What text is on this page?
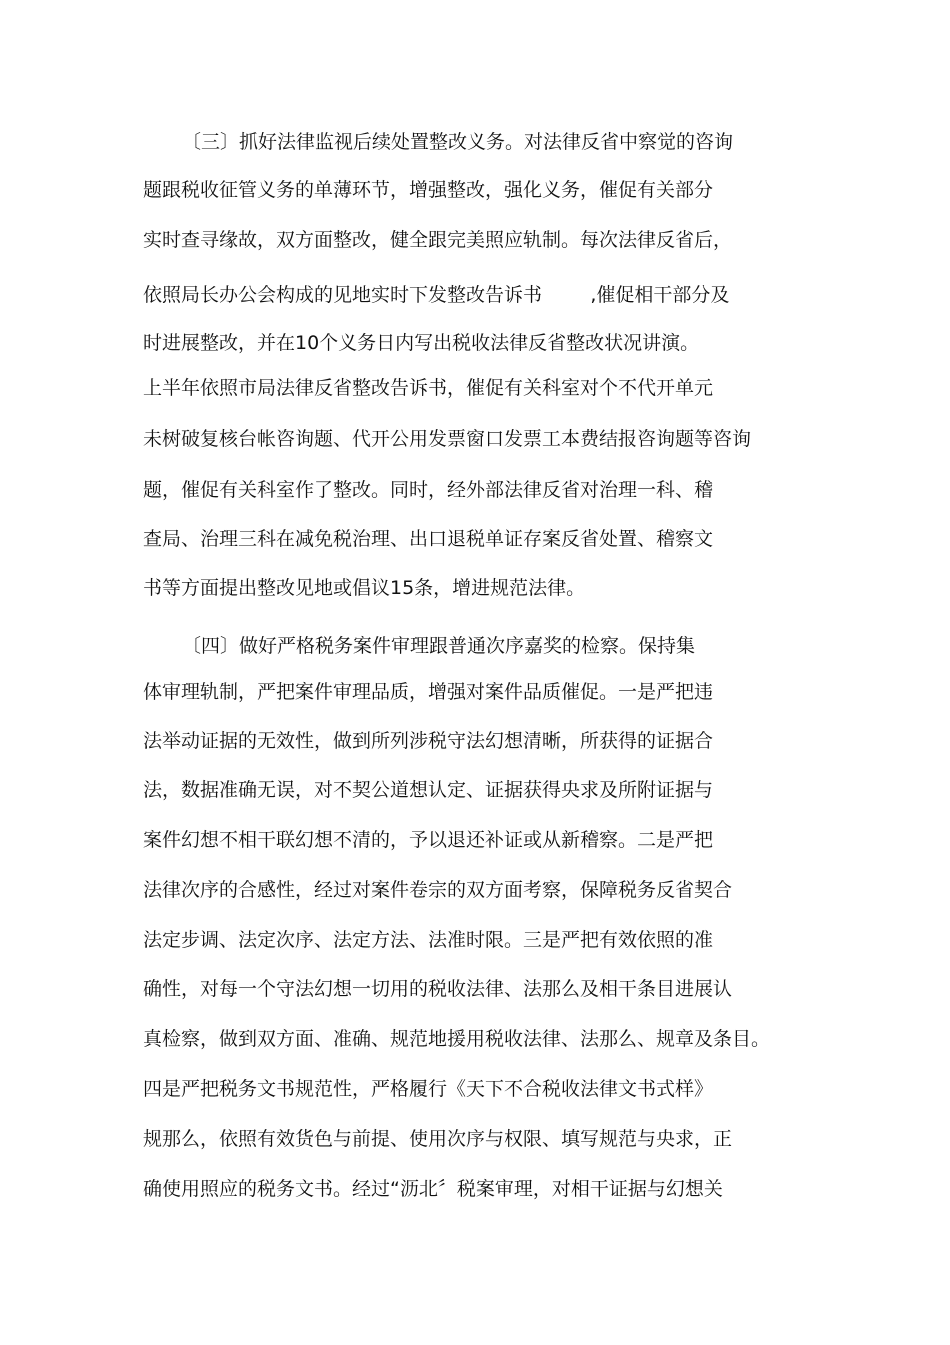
〔三〕抓好法律监视后续处置整改义务。对法律反省中察觉的咨询
题跟税收征管义务的单薄环节，增强整改，强化义务，催促有关部分
实时查寻缘故，双方面整改，健全跟完美照应轨制。每次法律反省后，
依照局长办公会构成的见地实时下发整改告诉书        ,催促相干部分及
时进展整改，并在10个义务日内写出税收法律反省整改状况讲演。
上半年依照市局法律反省整改告诉书，催促有关科室对个不代开单元
未树破复核台帐咨询题、代开公用发票窗口发票工本费结报咨询题等咨询
题，催促有关科室作了整改。同时，经外部法律反省对治理一科、稽
查局、治理三科在减免税治理、出口退税单证存案反省处置、稽察文
书等方面提出整改见地或倡议15条，增进规范法律。
〔四〕做好严格税务案件审理跟普通次序嘉奖的检察。保持集
体审理轨制，严把案件审理品质，增强对案件品质催促。一是严把违
法举动证据的无效性，做到所列涉税守法幻想清晰，所获得的证据合
法，数据准确无误，对不契公道想认定、证据获得央求及所附证据与
案件幻想不相干联幻想不清的，予以退还补证或从新稽察。二是严把
法律次序的合感性，经过对案件卷宗的双方面考察，保障税务反省契合
法定步调、法定次序、法定方法、法准时限。三是严把有效依照的准
确性，对每一个守法幻想一切用的税收法律、法那么及相干条目进展认
真检察，做到双方面、准确、规范地援用税收法律、法那么、规章及条目。
四是严把税务文书规范性，严格履行《天下不合税收法律文书式样》
规那么，依照有效货色与前提、使用次序与权限、填写规范与央求，正
确使用照应的税务文书。经过“沥北〞税案审理，对相干证据与幻想关
